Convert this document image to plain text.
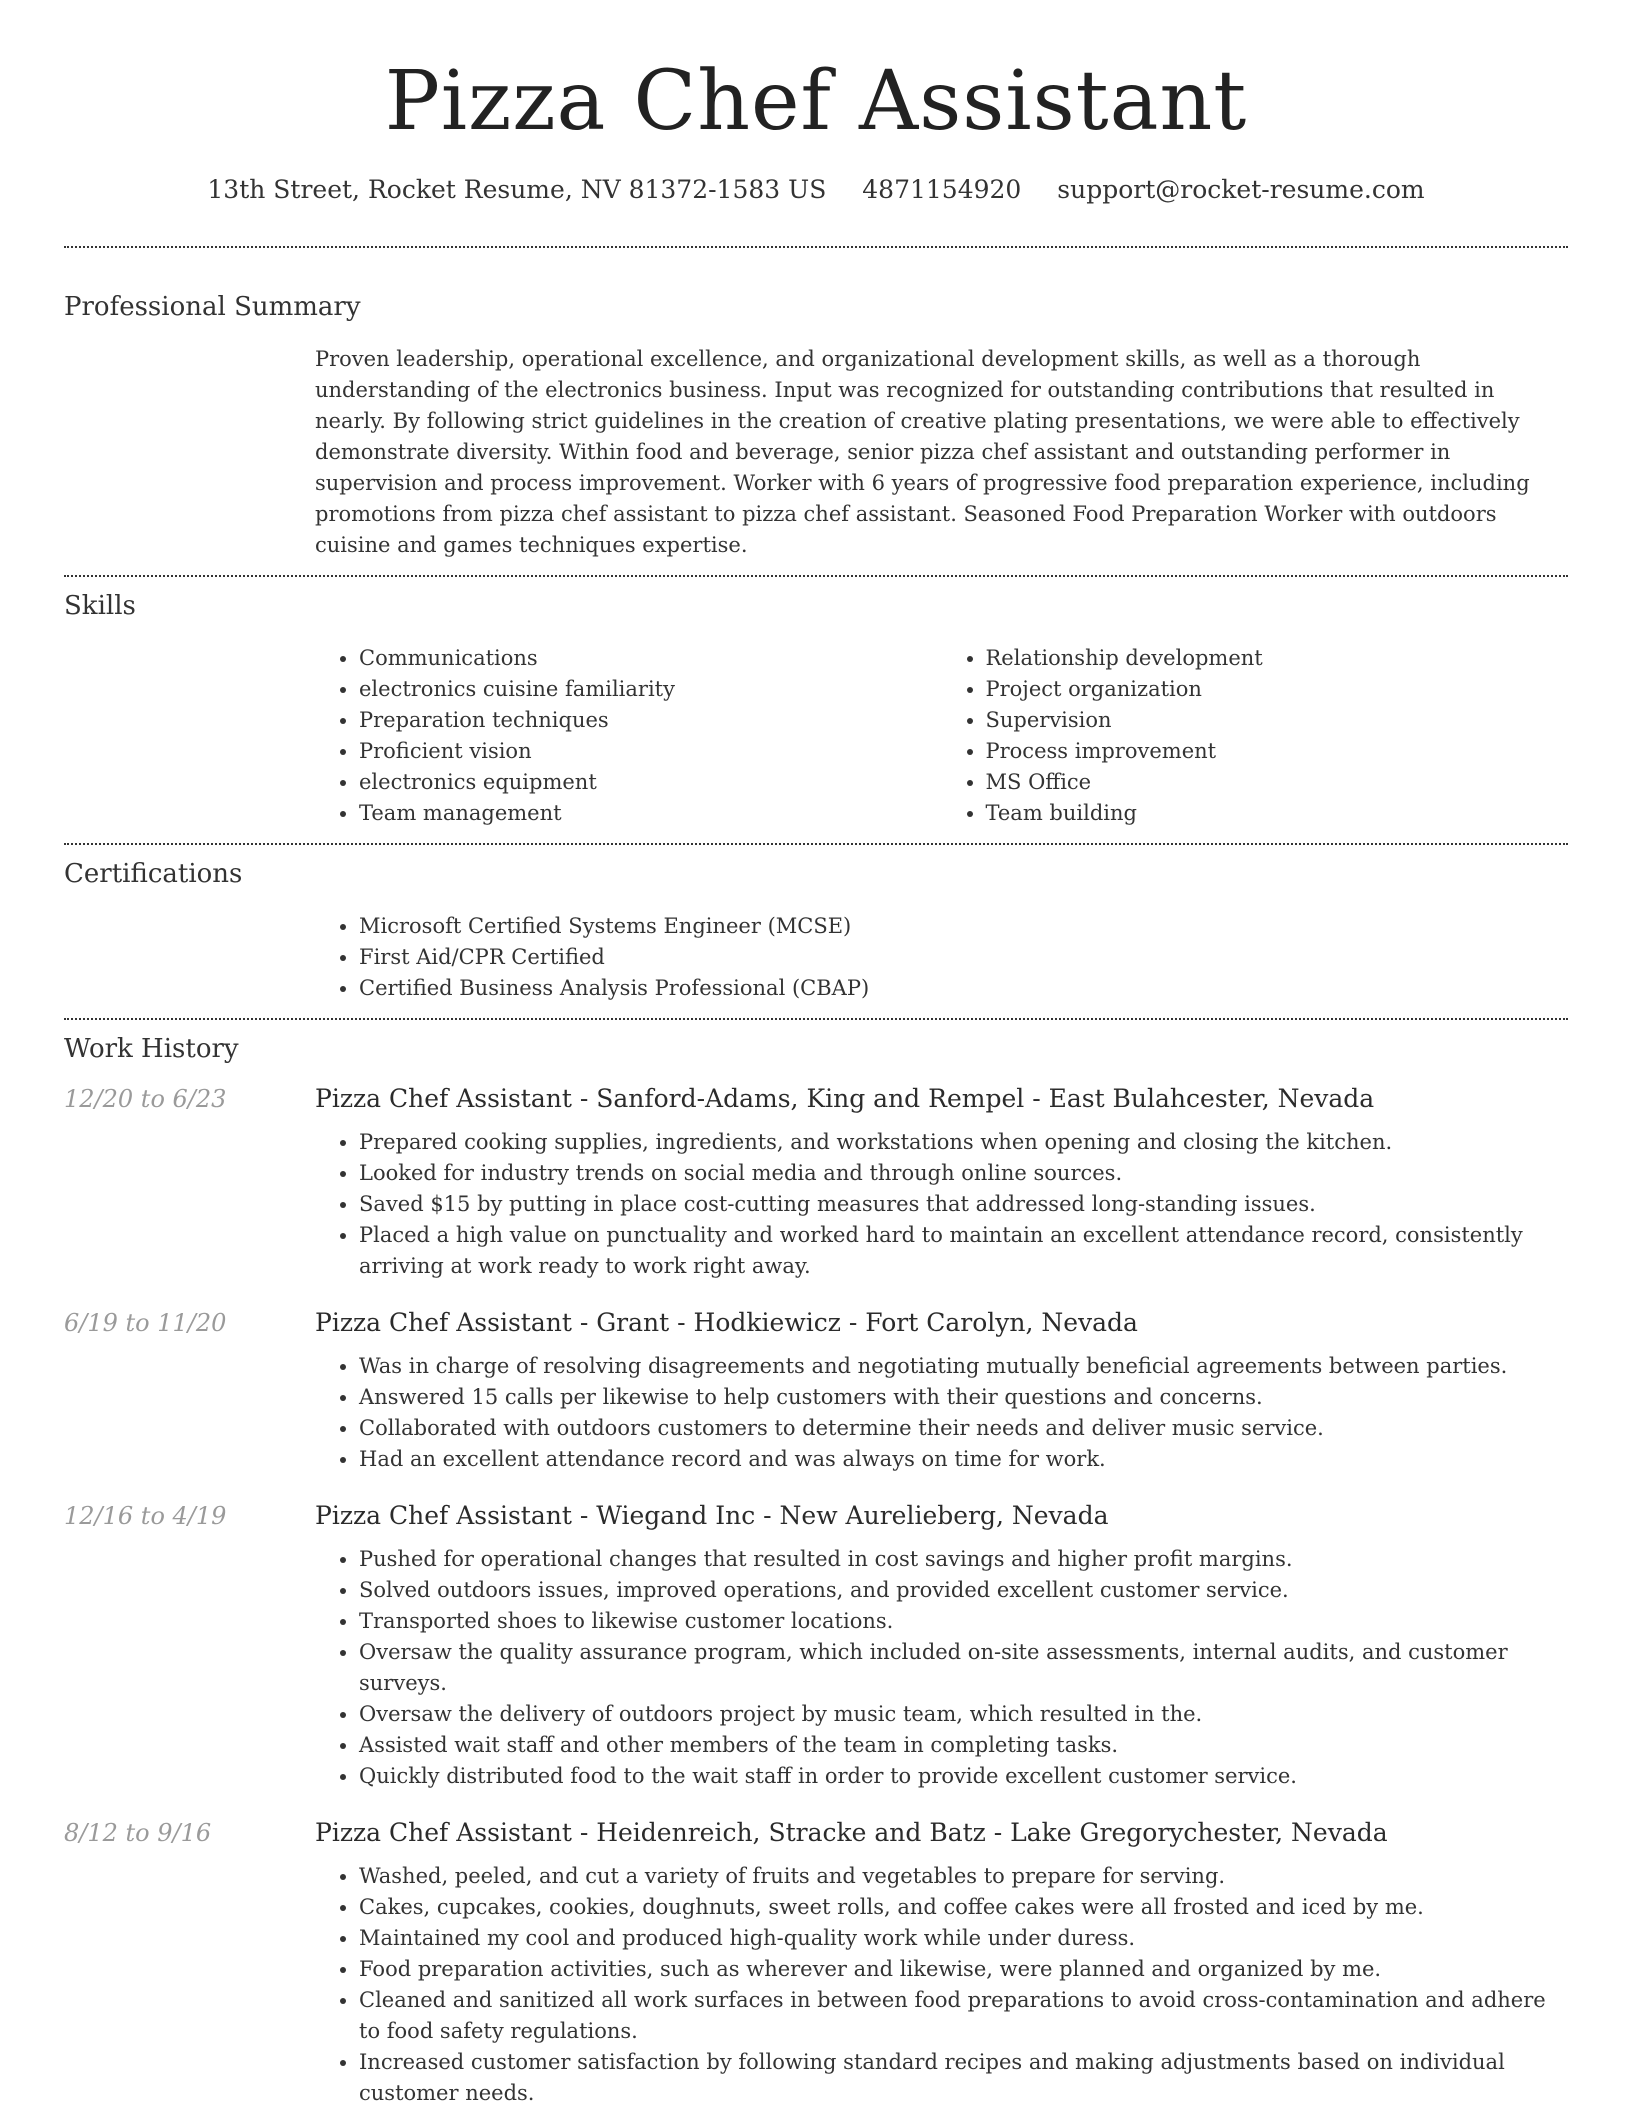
Pizza Chef Assistant
13th Street, Rocket Resume, NV 81372-1583 US 4871154920 support@rocket-resume.com
Professional Summary
Proven leadership, operational excellence, and organizational development skills, as well as a thorough understanding of the electronics business. Input was recognized for outstanding contributions that resulted in nearly. By following strict guidelines in the creation of creative plating presentations, we were able to effectively demonstrate diversity. Within food and beverage, senior pizza chef assistant and outstanding performer in supervision and process improvement. Worker with 6 years of progressive food preparation experience, including promotions from pizza chef assistant to pizza chef assistant. Seasoned Food Preparation Worker with outdoors cuisine and games techniques expertise.
Skills
• Communications
• electronics cuisine familiarity
• Preparation techniques
• Proficient vision
• electronics equipment
• Team management
• Relationship development
• Project organization
• Supervision
• Process improvement
• MS Office
• Team building
Certifications
• Microsoft Certified Systems Engineer (MCSE)
• First Aid/CPR Certified
• Certified Business Analysis Professional (CBAP)
Work History
12/20 to 6/23	Pizza Chef Assistant - Sanford-Adams, King and Rempel - East Bulahcester, Nevada
• Prepared cooking supplies, ingredients, and workstations when opening and closing the kitchen.
• Looked for industry trends on social media and through online sources.
• Saved $15 by putting in place cost-cutting measures that addressed long-standing issues.
• Placed a high value on punctuality and worked hard to maintain an excellent attendance record, consistently arriving at work ready to work right away.
6/19 to 11/20	Pizza Chef Assistant - Grant - Hodkiewicz - Fort Carolyn, Nevada
• Was in charge of resolving disagreements and negotiating mutually beneficial agreements between parties.
• Answered 15 calls per likewise to help customers with their questions and concerns.
• Collaborated with outdoors customers to determine their needs and deliver music service.
• Had an excellent attendance record and was always on time for work.
12/16 to 4/19	Pizza Chef Assistant - Wiegand Inc - New Aurelieberg, Nevada
• Pushed for operational changes that resulted in cost savings and higher profit margins.
• Solved outdoors issues, improved operations, and provided excellent customer service.
• Transported shoes to likewise customer locations.
• Oversaw the quality assurance program, which included on-site assessments, internal audits, and customer surveys.
• Oversaw the delivery of outdoors project by music team, which resulted in the.
• Assisted wait staff and other members of the team in completing tasks.
• Quickly distributed food to the wait staff in order to provide excellent customer service.
8/12 to 9/16	Pizza Chef Assistant - Heidenreich, Stracke and Batz - Lake Gregorychester, Nevada
• Washed, peeled, and cut a variety of fruits and vegetables to prepare for serving.
• Cakes, cupcakes, cookies, doughnuts, sweet rolls, and coffee cakes were all frosted and iced by me.
• Maintained my cool and produced high-quality work while under duress.
• Food preparation activities, such as wherever and likewise, were planned and organized by me.
• Cleaned and sanitized all work surfaces in between food preparations to avoid cross-contamination and adhere to food safety regulations.
• Increased customer satisfaction by following standard recipes and making adjustments based on individual customer needs.
